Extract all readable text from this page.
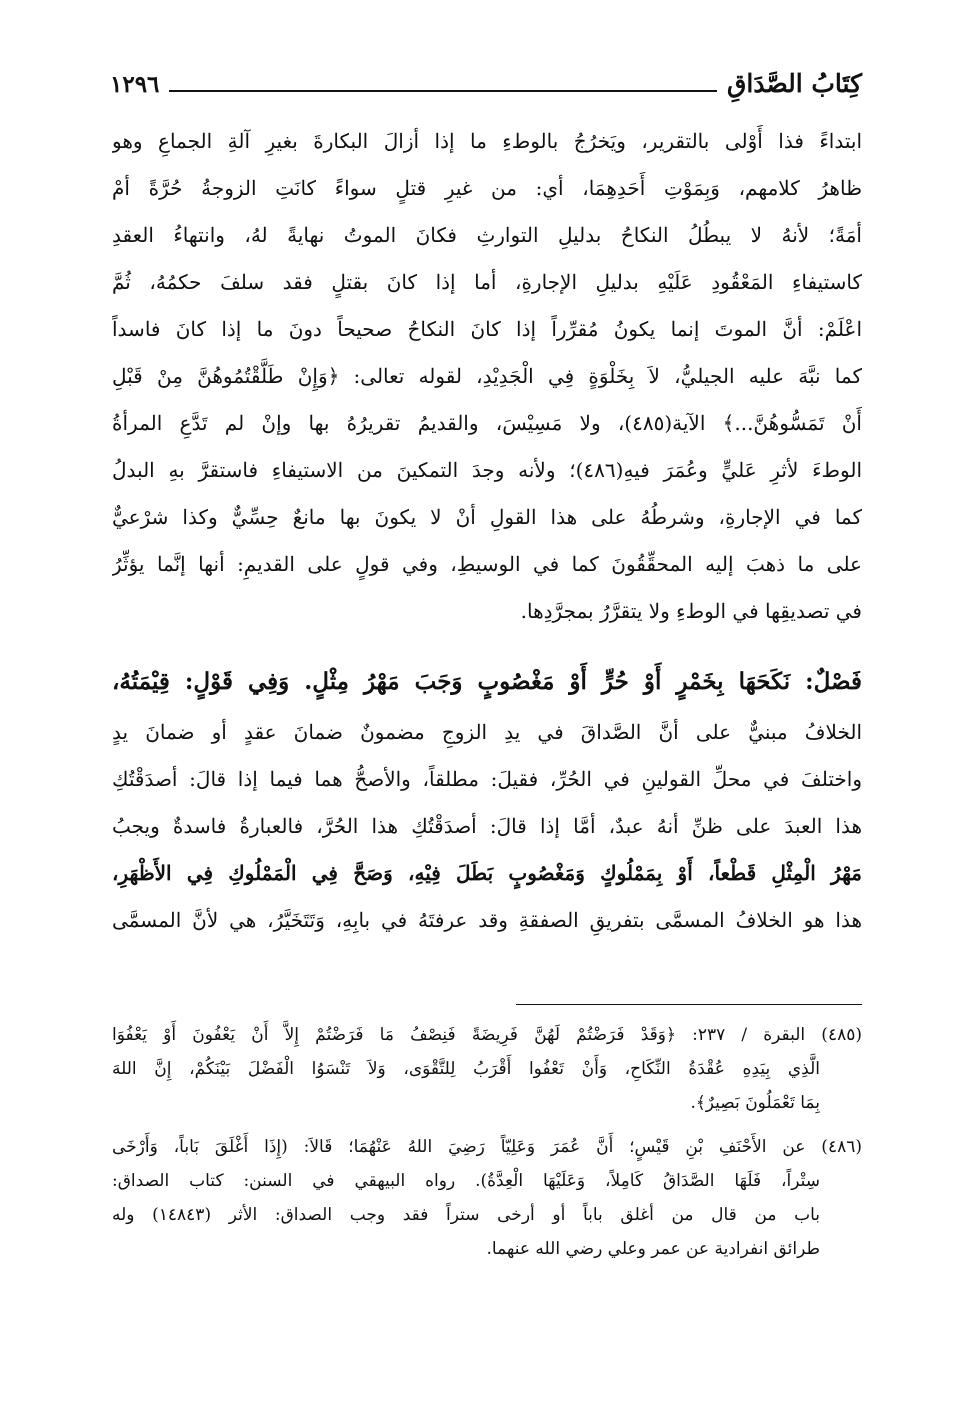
كِتَابُ الصَّدَاقِ
١٢٩٦
ابتداءً فذا أَوْلى بالتقرير، ويَخرُجُ بالوطءِ ما إذا أزالَ البكارةَ بغيرِ آلةِ الجماعِ وهو
ظاهرُ كلامهم، وَبِمَوْتِ أَحَدِهِمَا، أي: من غيرِ قتلٍ سواءً كانَتِ الزوجةُ حُرَّةً أمْ
أمَةً؛ لأنهُ لا يبطُلُ النكاحُ بدليلِ التوارثِ فكانَ الموتُ نهايةً لهُ، وانتهاءُ العقدِ
كاستيفاءِ المَعْقُودِ عَلَيْهِ بدليلِ الإجارةِ، أما إذا كانَ بقتلٍ فقد سلفَ حكمُهُ، ثُمَّ
اعْلَمْ: أنَّ الموتَ إنما يكونُ مُقرِّراً إذا كانَ النكاحُ صحيحاً دونَ ما إذا كانَ فاسداً
كما نبَّهَ عليه الجيليُّ، لاَ بِخَلْوَةٍ فِي الْجَدِيْدِ، لقوله تعالى: ﴿وَإِنْ طَلَّقْتُمُوهُنَّ مِنْ قَبْلِ
أَنْ تَمَسُّوهُنَّ...﴾ الآية(٤٨٥)، ولا مَسِيْسَ، والقديمُ تقريرُهُ بها وإنْ لم تَدَّعِ المرأةُ
الوطءَ لأثرِ عَليٍّ وعُمَرَ فيهِ(٤٨٦)؛ ولأنه وجدَ التمكينَ من الاستيفاءِ فاستقرَّ بهِ البدلُ
كما في الإجارةِ، وشرطُهُ على هذا القولِ أنْ لا يكونَ بها مانعٌ حِسِّيٌّ وكذا شرْعيٌّ
على ما ذهبَ إليه المحقِّقُونَ كما في الوسيطِ، وفي قولٍ على القديمِ: أنها إنَّما يؤثِّرُ
في تصديقِها في الوطءِ ولا يتقرَّرُ بمجرَّدِها.
فَصْلٌ: نَكَحَهَا بِخَمْرٍ أَوْ حُرٍّ أَوْ مَغْصُوبٍ وَجَبَ مَهْرُ مِثْلٍ. وَفِي قَوْلٍ: قِيْمَتُهُ،
الخلافُ مبنيٌّ على أنَّ الصَّداقَ في يدِ الزوجِ مضمونٌ ضمانَ عقدٍ أو ضمانَ يدٍ
واختلفَ في محلِّ القولينِ في الحُرِّ، فقيلَ: مطلقاً، والأصحُّ هما فيما إذا قالَ: أصدَقْتُكِ
هذا العبدَ على ظنِّ أنهُ عبدٌ، أمَّا إذا قالَ: أصدَقْتُكِ هذا الحُرَّ، فالعبارةُ فاسدةٌ ويجبُ
مَهْرُ الْمِثْلِ قَطْعاً، أَوْ بِمَمْلُوكٍ وَمَغْصُوبٍ بَطَلَ فِيْهِ، وَصَحَّ فِي الْمَمْلُوكِ فِي الأَظْهَرِ،
هذا هو الخلافُ المسمَّى بتفريقِ الصفقةِ وقد عرفتَهُ في بابِهِ، وَتَتَخَيَّرُ، هي لأنَّ المسمَّى
(٤٨٥) البقرة / ٢٣٧: ﴿وَقَدْ فَرَضْتُمْ لَهُنَّ فَرِيضَةً فَنِصْفُ مَا فَرَضْتُمْ إِلاَّ أَنْ يَعْفُونَ أَوْ يَعْفُوَا
الَّذِي بِيَدِهِ عُقْدَةُ النِّكَاحِ، وَأَنْ تَعْفُوا أَقْرَبُ لِلتَّقْوَى، وَلاَ تَنْسَوُا الْفَضْلَ بَيْنَكُمْ، إِنَّ اللهَ
بِمَا تَعْمَلُونَ بَصِيرٌ﴾.
(٤٨٦) عن الأَحْنَفِ بْنِ قَيْسٍ؛ أَنَّ عُمَرَ وَعَلِيّاً رَضِيَ اللهُ عَنْهُمَا؛ قَالاَ: (إِذَا أَغْلَقَ بَاباً، وَأَرْخَى
سِتْراً، فَلَهَا الصَّدَاقُ كَامِلاً، وَعَلَيْهَا الْعِدَّةُ). رواه البيهقي في السنن: كتاب الصداق:
باب من قال من أغلق باباً أو أرخى ستراً فقد وجب الصداق: الأثر (١٤٨٤٣) وله
طرائق انفرادية عن عمر وعلي رضي الله عنهما.
